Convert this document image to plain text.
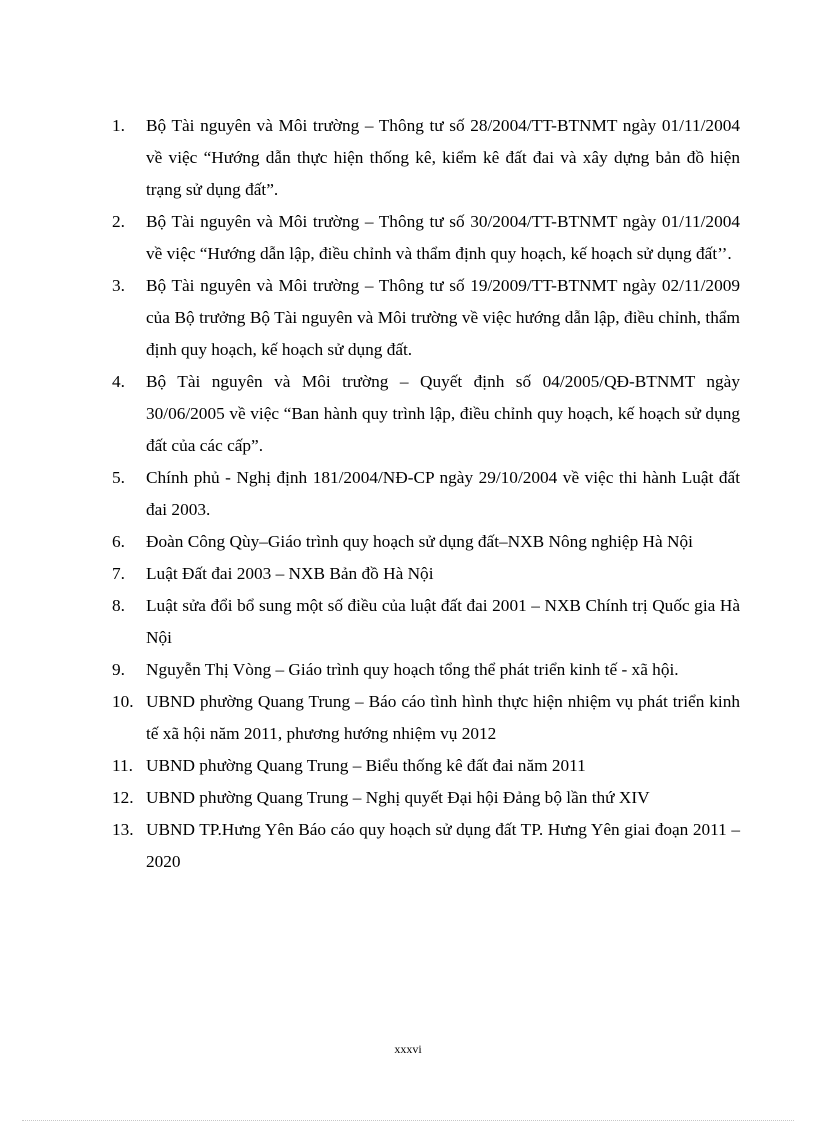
1.	Bộ Tài nguyên và Môi trường – Thông tư số 28/2004/TT-BTNMT ngày 01/11/2004 về việc “Hướng dẫn thực hiện thống kê, kiểm kê đất đai và xây dựng bản đồ hiện trạng sử dụng đất”.
2.	Bộ Tài nguyên và Môi trường – Thông tư số 30/2004/TT-BTNMT ngày 01/11/2004 về việc “Hướng dẫn lập, điều chỉnh và thẩm định quy hoạch, kế hoạch sử dụng đất’’.
3.	Bộ Tài nguyên và Môi trường – Thông tư số 19/2009/TT-BTNMT ngày 02/11/2009 của Bộ trưởng Bộ Tài nguyên và Môi trường về việc hướng dẫn lập, điều chỉnh, thẩm định quy hoạch, kế hoạch sử dụng đất.
4.	Bộ Tài nguyên và Môi trường – Quyết định số 04/2005/QĐ-BTNMT ngày 30/06/2005 về việc “Ban hành quy trình lập, điều chỉnh quy hoạch, kế hoạch sử dụng đất của các cấp”.
5.	Chính phủ - Nghị định 181/2004/NĐ-CP ngày 29/10/2004 về việc thi hành Luật đất đai 2003.
6.	Đoàn Công Qùy–Giáo trình quy hoạch sử dụng đất–NXB Nông nghiệp Hà Nội
7.	Luật Đất đai 2003 – NXB Bản đồ Hà Nội
8.	Luật sửa đổi bổ sung một số điều của luật đất đai 2001 – NXB Chính trị Quốc gia Hà Nội
9.	Nguyễn Thị Vòng – Giáo trình quy hoạch tổng thể phát triển kinh tế - xã hội.
10. UBND phường Quang Trung – Báo cáo tình hình thực hiện nhiệm vụ phát triển kinh tế xã hội năm 2011, phương hướng nhiệm vụ 2012
11. UBND phường Quang Trung – Biểu thống kê đất đai năm 2011
12. UBND phường Quang Trung – Nghị quyết Đại hội Đảng bộ lần thứ XIV
13. UBND TP.Hưng Yên Báo cáo quy hoạch sử dụng đất TP. Hưng Yên giai đoạn 2011 – 2020
xxxvi
